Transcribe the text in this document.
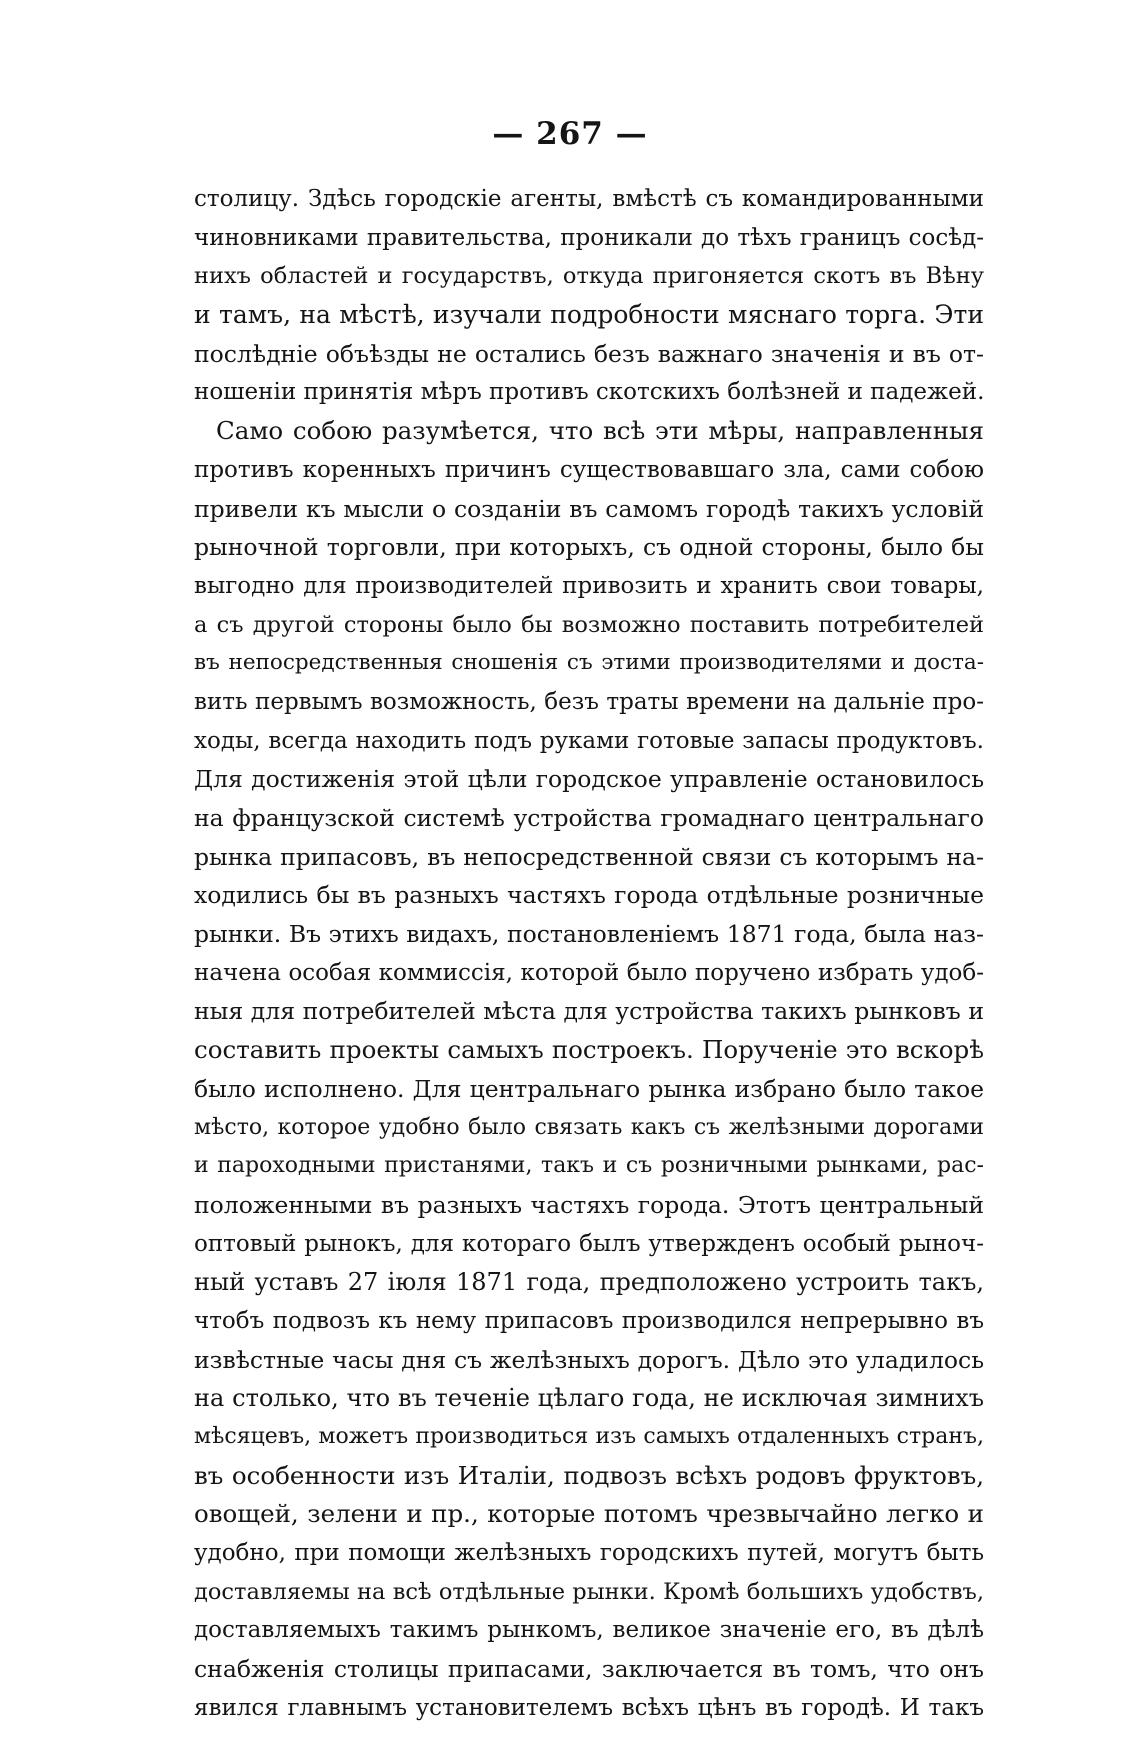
— 267 —
столицу. Здѣсь городскіе агенты, вмѣстѣ съ командированными
чиновниками правительства, проникали до тѣхъ границъ сосѣд-
нихъ областей и государствъ, откуда пригоняется скотъ въ Вѣну
и тамъ, на мѣстѣ, изучали подробности мяснаго торга. Эти
послѣдніе объѣзды не остались безъ важнаго значенія и въ от-
ношеніи принятія мѣръ противъ скотскихъ болѣзней и падежей.
Само собою разумѣется, что всѣ эти мѣры, направленныя
противъ коренныхъ причинъ существовавшаго зла, сами собою
привели къ мысли о созданіи въ самомъ городѣ такихъ условій
рыночной торговли, при которыхъ, съ одной стороны, было бы
выгодно для производителей привозить и хранить свои товары,
а съ другой стороны было бы возможно поставить потребителей
въ непосредственныя сношенія съ этими производителями и доста-
вить первымъ возможность, безъ траты времени на дальніе про-
ходы, всегда находить подъ руками готовые запасы продуктовъ.
Для достиженія этой цѣли городское управленіе остановилось
на французской системѣ устройства громаднаго центральнаго
рынка припасовъ, въ непосредственной связи съ которымъ на-
ходились бы въ разныхъ частяхъ города отдѣльные розничные
рынки. Въ этихъ видахъ, постановленіемъ 1871 года, была наз-
начена особая коммиссія, которой было поручено избрать удоб-
ныя для потребителей мѣста для устройства такихъ рынковъ и
составить проекты самыхъ построекъ. Порученіе это вскорѣ
было исполнено. Для центральнаго рынка избрано было такое
мѣсто, которое удобно было связать какъ съ желѣзными дорогами
и пароходными пристанями, такъ и съ розничными рынками, рас-
положенными въ разныхъ частяхъ города. Этотъ центральный
оптовый рынокъ, для котораго былъ утвержденъ особый рыноч-
ный уставъ 27 іюля 1871 года, предположено устроить такъ,
чтобъ подвозъ къ нему припасовъ производился непрерывно въ
извѣстные часы дня съ желѣзныхъ дорогъ. Дѣло это уладилось
на столько, что въ теченіе цѣлаго года, не исключая зимнихъ
мѣсяцевъ, можетъ производиться изъ самыхъ отдаленныхъ странъ,
въ особенности изъ Италіи, подвозъ всѣхъ родовъ фруктовъ,
овощей, зелени и пр., которые потомъ чрезвычайно легко и
удобно, при помощи желѣзныхъ городскихъ путей, могутъ быть
доставляемы на всѣ отдѣльные рынки. Кромѣ большихъ удобствъ,
доставляемыхъ такимъ рынкомъ, великое значеніе его, въ дѣлѣ
снабженія столицы припасами, заключается въ томъ, что онъ
явился главнымъ установителемъ всѣхъ цѣнъ въ городѣ. И такъ
